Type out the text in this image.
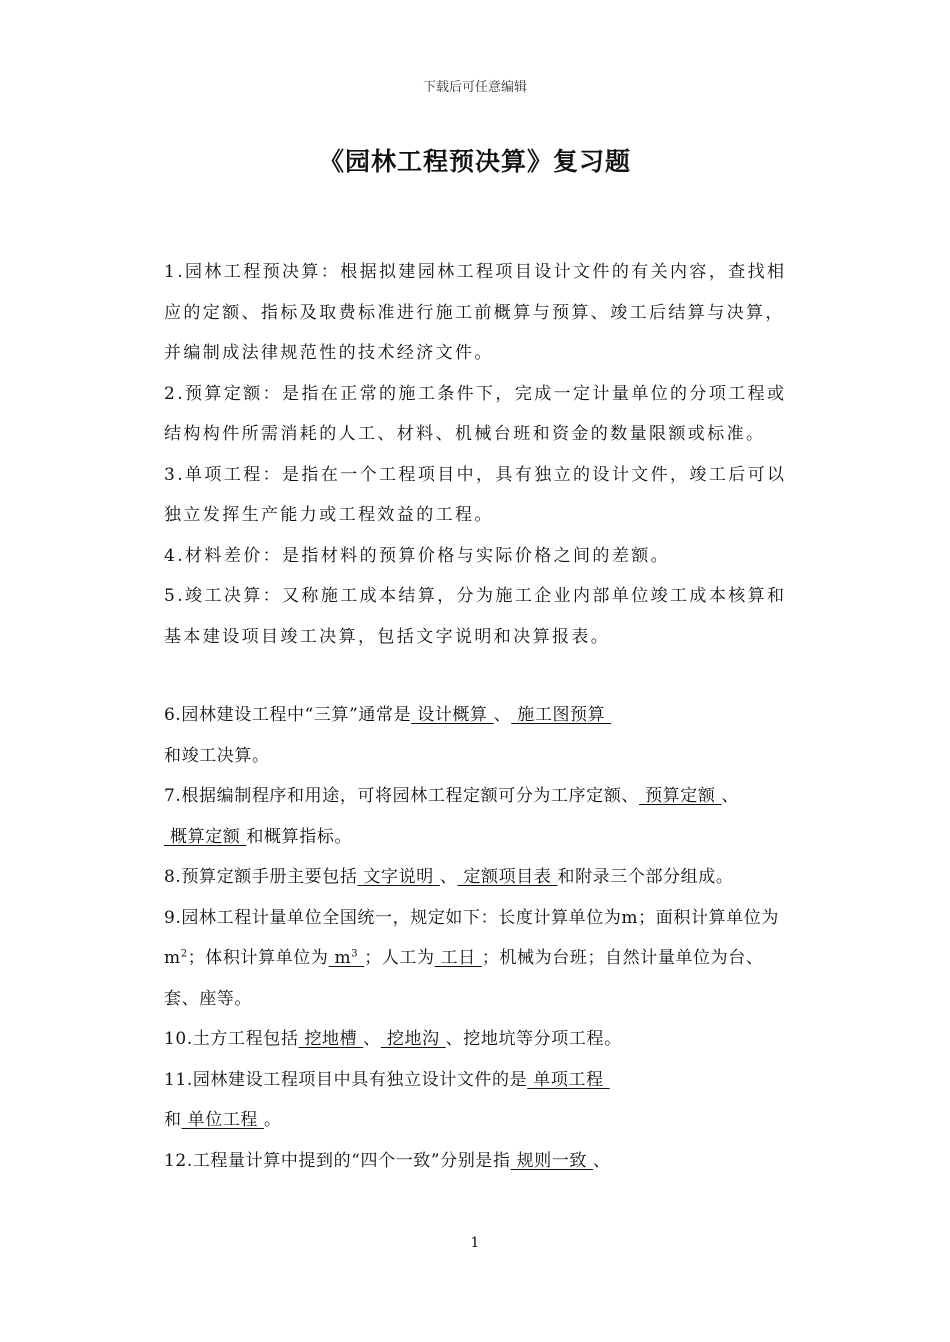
下载后可任意编辑
《园林工程预决算》复习题
1.园林工程预决算：根据拟建园林工程项目设计文件的有关内容，查找相应的定额、指标及取费标准进行施工前概算与预算、竣工后结算与决算，并编制成法律规范性的技术经济文件。
2.预算定额：是指在正常的施工条件下，完成一定计量单位的分项工程或结构构件所需消耗的人工、材料、机械台班和资金的数量限额或标准。
3.单项工程：是指在一个工程项目中，具有独立的设计文件，竣工后可以独立发挥生产能力或工程效益的工程。
4.材料差价：是指材料的预算价格与实际价格之间的差额。
5.竣工决算：又称施工成本结算，分为施工企业内部单位竣工成本核算和基本建设项目竣工决算，包括文字说明和决算报表。
6.园林建设工程中“三算”通常是 设计概算 、 施工图预算
和竣工决算。
7.根据编制程序和用途，可将园林工程定额可分为工序定额、 预算定额 、 概算定额 和概算指标。
8.预算定额手册主要包括 文字说明 、 定额项目表 和附录三个部分组成。
9.园林工程计量单位全国统一，规定如下：长度计算单位为m；面积计算单位为$m^2$；体积计算单位为 $m^3$ ；人工为 工日 ；机械为台班；自然计量单位为台、套、座等。
10.土方工程包括 挖地槽 、 挖地沟 、挖地坑等分项工程。
11.园林建设工程项目中具有独立设计文件的是 单项工程
和 单位工程 。
12.工程量计算中提到的“四个一致”分别是指 规则一致 、
1
